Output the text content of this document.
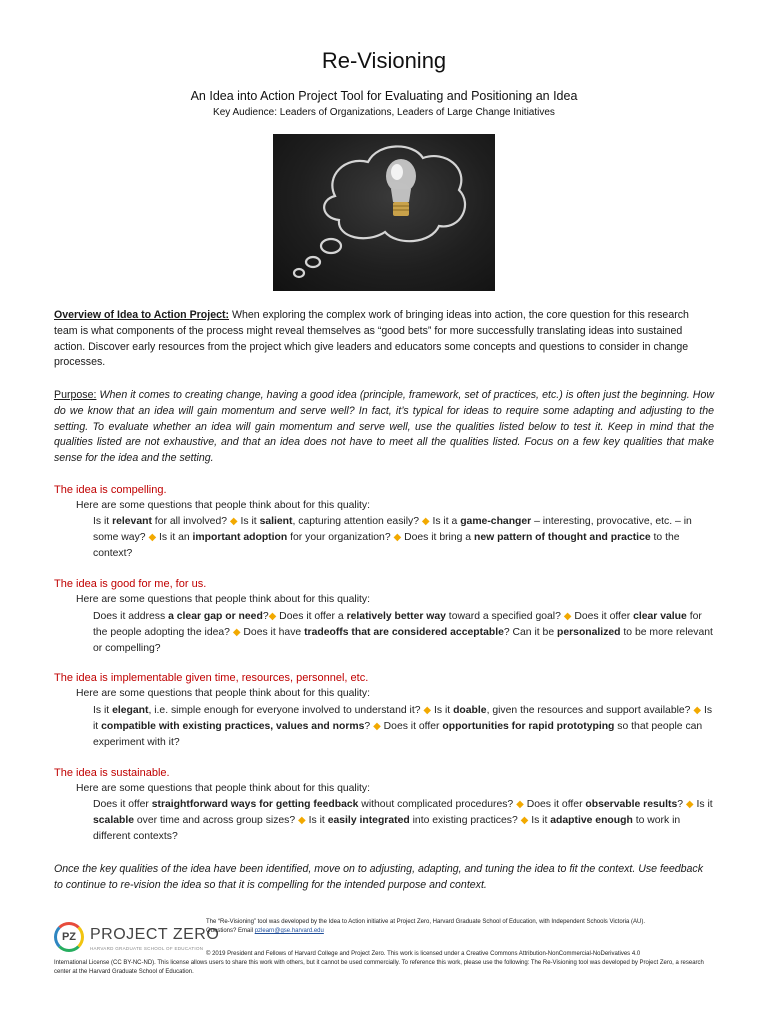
Re-Visioning
An Idea into Action Project Tool for Evaluating and Positioning an Idea
Key Audience: Leaders of Organizations, Leaders of Large Change Initiatives
Overview of Idea to Action Project: When exploring the complex work of bringing ideas into action, the core question for this research team is what components of the process might reveal themselves as “good bets” for more successfully translating ideas into sustained action. Discover early resources from the project which give leaders and educators some concepts and questions to consider in change processes.
Purpose: When it comes to creating change, having a good idea (principle, framework, set of practices, etc.) is often just the beginning. How do we know that an idea will gain momentum and serve well? In fact, it’s typical for ideas to require some adapting and adjusting to the setting. To evaluate whether an idea will gain momentum and serve well, use the qualities listed below to test it. Keep in mind that the qualities listed are not exhaustive, and that an idea does not have to meet all the qualities listed. Focus on a few key qualities that make sense for the idea and the setting.
The idea is compelling.
Here are some questions that people think about for this quality:
Is it relevant for all involved? ◆ Is it salient, capturing attention easily? ◆ Is it a game-changer – interesting, provocative, etc. – in some way? ◆ Is it an important adoption for your organization? ◆ Does it bring a new pattern of thought and practice to the context?
The idea is good for me, for us.
Here are some questions that people think about for this quality:
Does it address a clear gap or need?◆ Does it offer a relatively better way toward a specified goal? ◆ Does it offer clear value for the people adopting the idea? ◆ Does it have tradeoffs that are considered acceptable? Can it be personalized to be more relevant or compelling?
The idea is implementable given time, resources, personnel, etc.
Here are some questions that people think about for this quality:
Is it elegant, i.e. simple enough for everyone involved to understand it? ◆ Is it doable, given the resources and support available? ◆ Is it compatible with existing practices, values and norms? ◆ Does it offer opportunities for rapid prototyping so that people can experiment with it?
The idea is sustainable.
Here are some questions that people think about for this quality:
Does it offer straightforward ways for getting feedback without complicated procedures? ◆ Does it offer observable results? ◆ Is it scalable over time and across group sizes? ◆ Is it easily integrated into existing practices? ◆ Is it adaptive enough to work in different contexts?
Once the key qualities of the idea have been identified, move on to adjusting, adapting, and tuning the idea to fit the context. Use feedback to continue to re-vision the idea so that it is compelling for the intended purpose and context.
PZ PROJECT ZERO
HARVARD GRADUATE SCHOOL OF EDUCATION
The “Re-Visioning” tool was developed by the Idea to Action initiative at Project Zero, Harvard Graduate School of Education, with Independent Schools Victoria (AU).
Questions? Email pzlearn@gse.harvard.edu
© 2019 President and Fellows of Harvard College and Project Zero. This work is licensed under a Creative Commons Attribution-NonCommercial-NoDerivatives 4.0
International License (CC BY-NC-ND). This license allows users to share this work with others, but it cannot be used commercially. To reference this work, please use the following: The Re-Visioning tool was developed by Project Zero, a research center at the Harvard Graduate School of Education.
